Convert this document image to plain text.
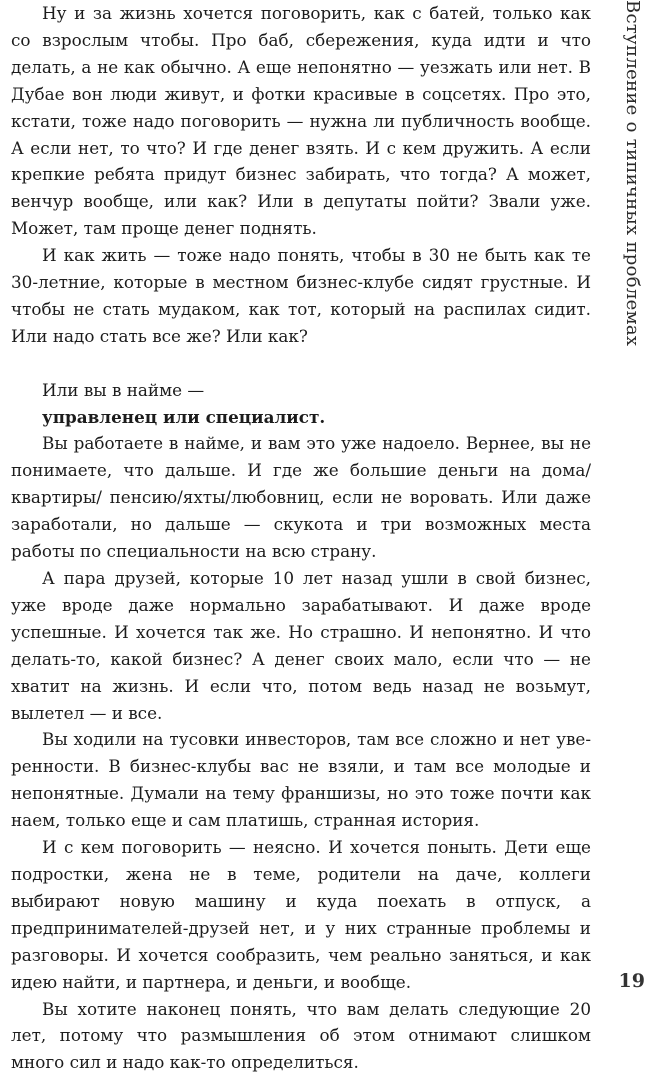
Ну и за жизнь хочется поговорить, как с батей, только как со взрослым чтобы. Про баб, сбережения, куда идти и что делать, а не как обычно. А еще непонятно — уезжать или нет. В Дубае вон люди живут, и фотки красивые в соцсетях. Про это, кстати, тоже надо поговорить — нужна ли публичность вообще. А если нет, то что? И где денег взять. И с кем дружить. А если крепкие ребята придут бизнес забирать, что тогда? А может, венчур вообще, или как? Или в депутаты пойти? Звали уже. Может, там проще денег поднять.

И как жить — тоже надо понять, чтобы в 30 не быть как те 30-летние, которые в местном бизнес-клубе сидят грустные. И чтобы не стать мудаком, как тот, который на распилах сидит. Или надо стать все же? Или как?

Или вы в найме —
управленец или специалист.

Вы работаете в найме, и вам это уже надоело. Вернее, вы не понимаете, что дальше. И где же большие деньги на дома/квартиры/ пенсию/яхты/любовниц, если не воровать. Или даже заработали, но дальше — скукота и три возможных места работы по специальности на всю страну.

А пара друзей, которые 10 лет назад ушли в свой бизнес, уже вроде даже нормально зарабатывают. И даже вроде успешные. И хочется так же. Но страшно. И непонятно. И что делать-то, какой бизнес? А денег своих мало, если что — не хватит на жизнь. И если что, потом ведь назад не возьмут, вылетел — и все.

Вы ходили на тусовки инвесторов, там все сложно и нет уверенности. В бизнес-клубы вас не взяли, и там все молодые и непонятные. Думали на тему франшизы, но это тоже почти как наем, только еще и сам платишь, странная история.

И с кем поговорить — неясно. И хочется поныть. Дети еще подростки, жена не в теме, родители на даче, коллеги выбирают новую машину и куда поехать в отпуск, а предпринимателей-друзей нет, и у них странные проблемы и разговоры. И хочется сообразить, чем реально заняться, и как идею найти, и партнера, и деньги, и вообще.

Вы хотите наконец понять, что вам делать следующие 20 лет, потому что размышления об этом отнимают слишком много сил и надо как-то определиться.

Вступление о типичных проблемах
19
